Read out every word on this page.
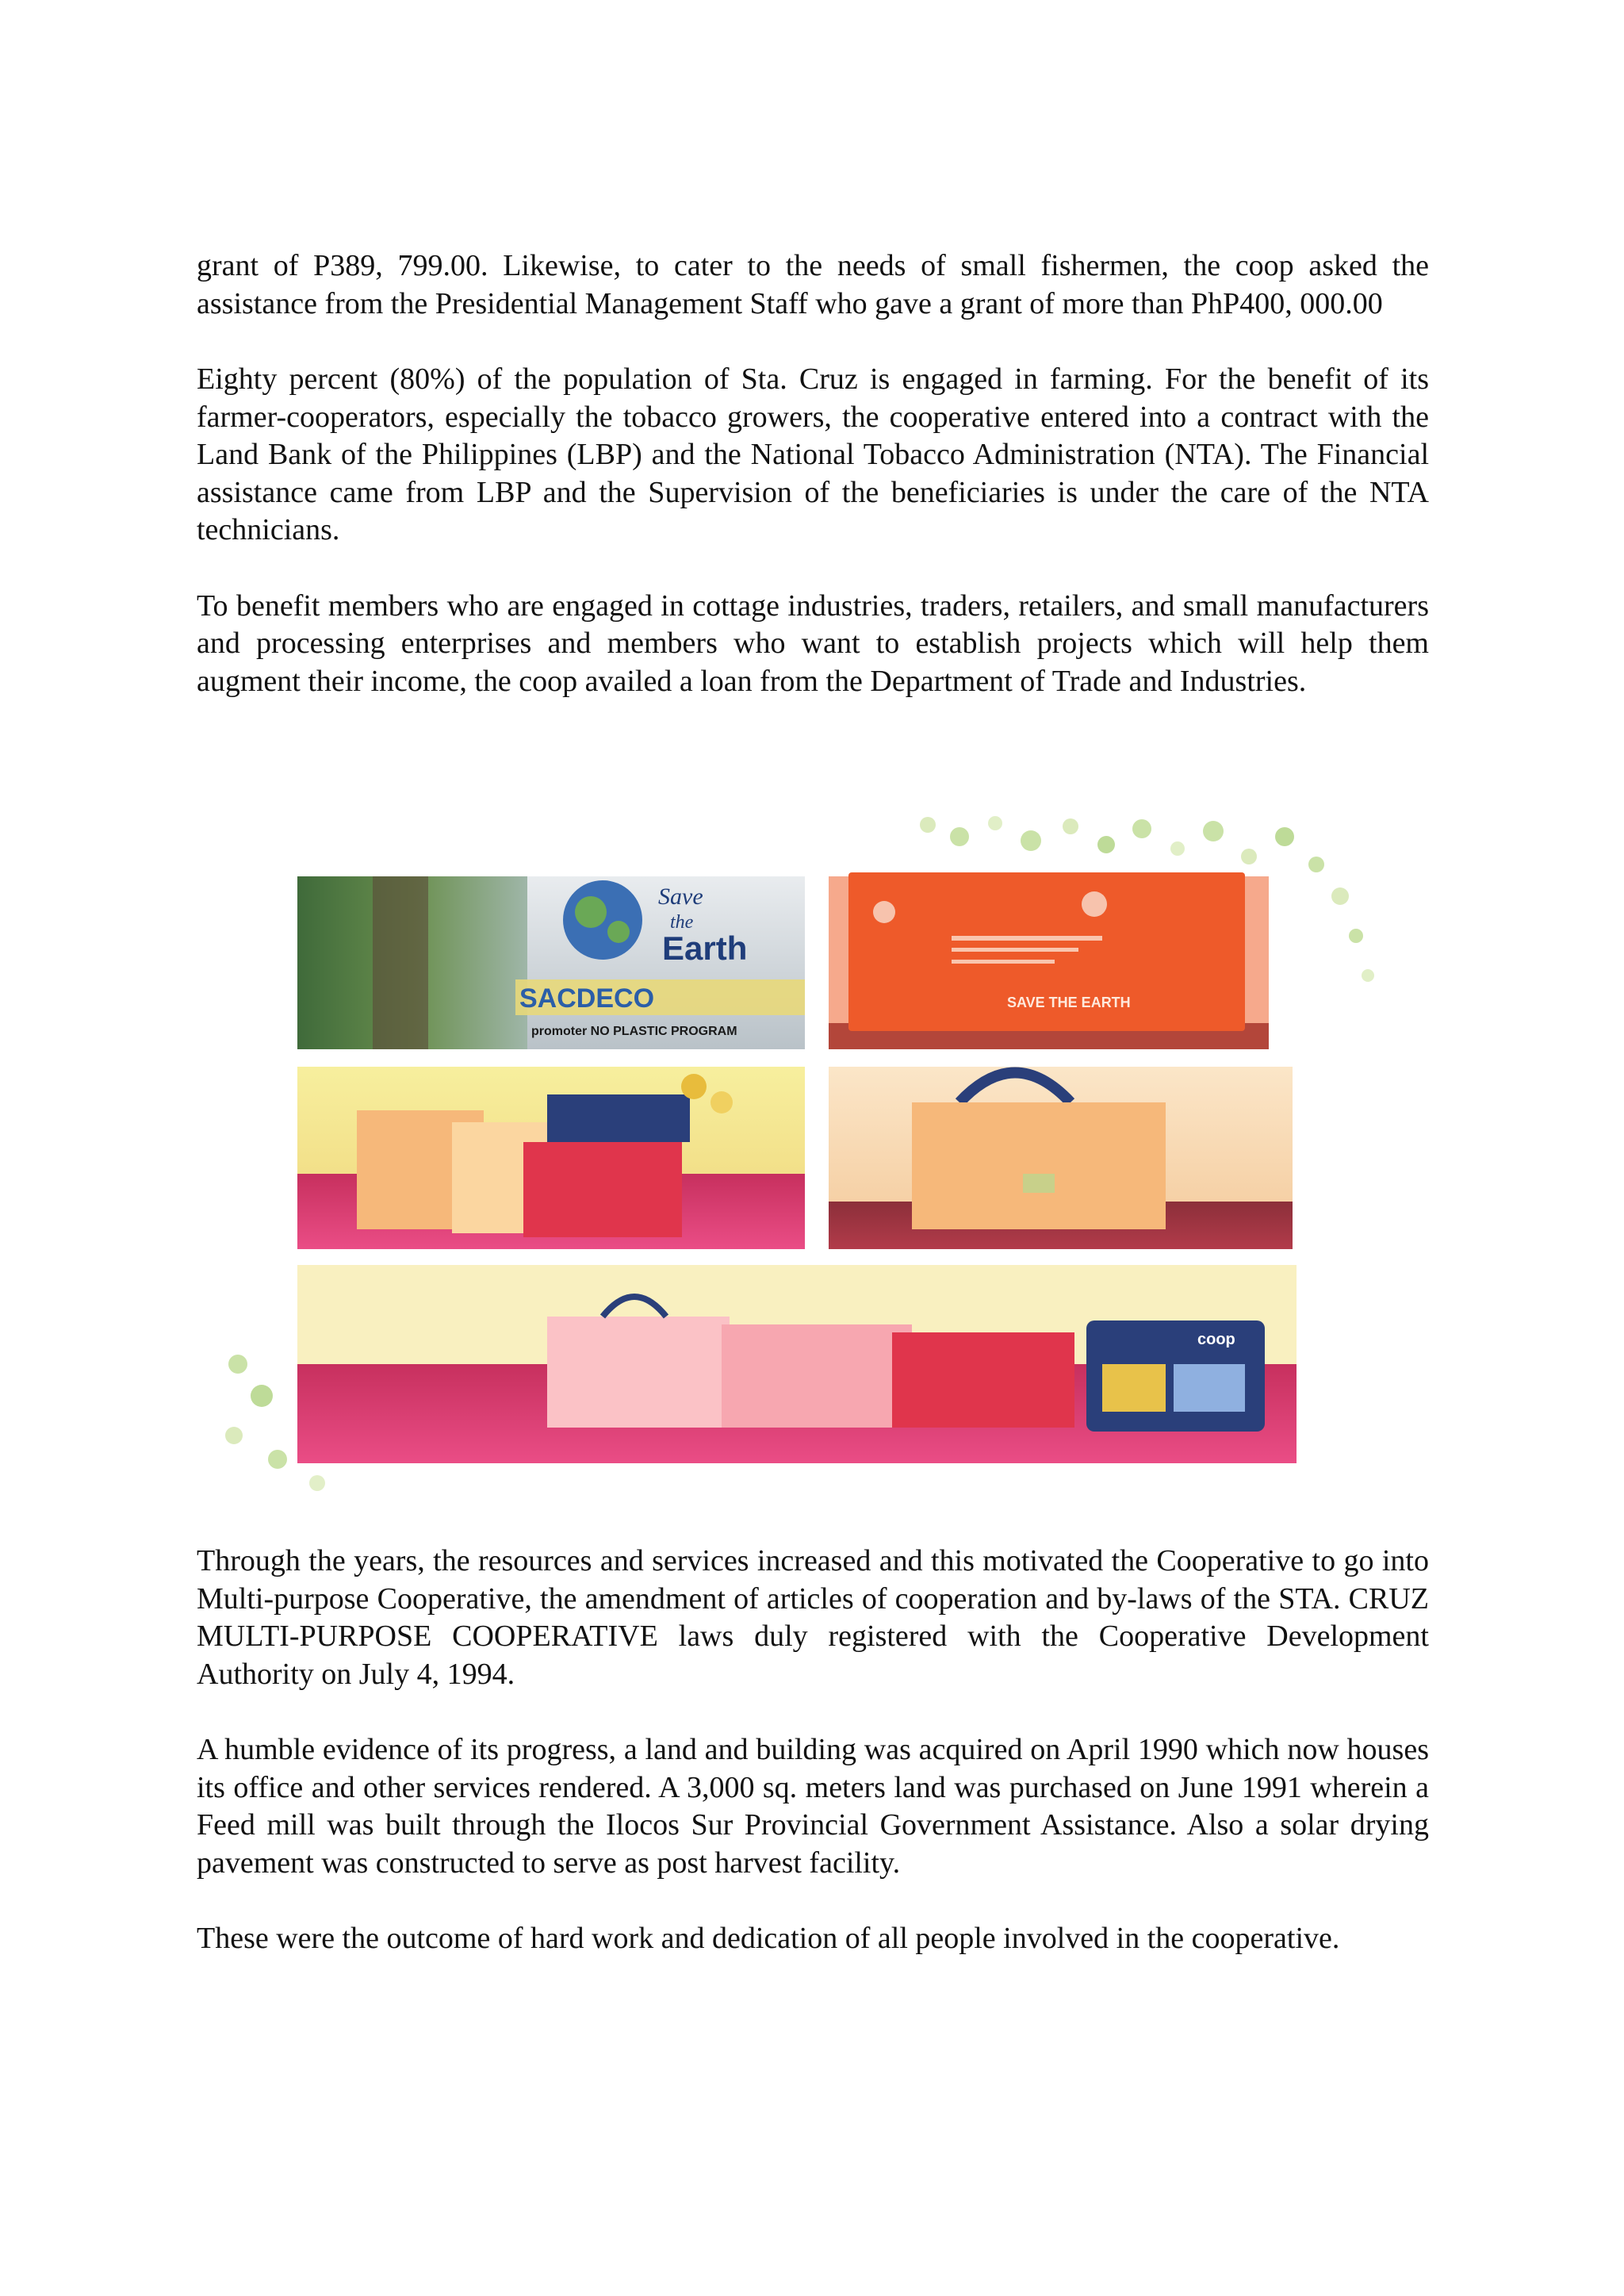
grant of P389, 799.00. Likewise, to cater to the needs of small fishermen, the coop asked the assistance from the Presidential Management Staff who gave a grant of more than PhP400, 000.00

Eighty percent (80%) of the population of Sta. Cruz is engaged in farming. For the benefit of its farmer-cooperators, especially the tobacco growers, the cooperative entered into a contract with the Land Bank of the Philippines (LBP) and the National Tobacco Administration (NTA). The Financial assistance came from LBP and the Supervision of the beneficiaries is under the care of the NTA technicians.

To benefit members who are engaged in cottage industries, traders, retailers, and small manufacturers and processing enterprises and members who want to establish projects which will help them augment their income, the coop availed a loan from the Department of Trade and Industries.

Save
the
Earth
SACDECO
promoter NO PLASTIC PROGRAM
SAVE THE EARTH
coop

Through the years, the resources and services increased and this motivated the Cooperative to go into Multi-purpose Cooperative, the amendment of articles of cooperation and by-laws of the STA. CRUZ MULTI-PURPOSE COOPERATIVE laws duly registered with the Cooperative Development Authority on July 4, 1994.

A humble evidence of its progress, a land and building was acquired on April 1990 which now houses its office and other services rendered. A 3,000 sq. meters land was purchased on June 1991 wherein a Feed mill was built through the Ilocos Sur Provincial Government Assistance. Also a solar drying pavement was constructed to serve as post harvest facility.

These were the outcome of hard work and dedication of all people involved in the cooperative.
